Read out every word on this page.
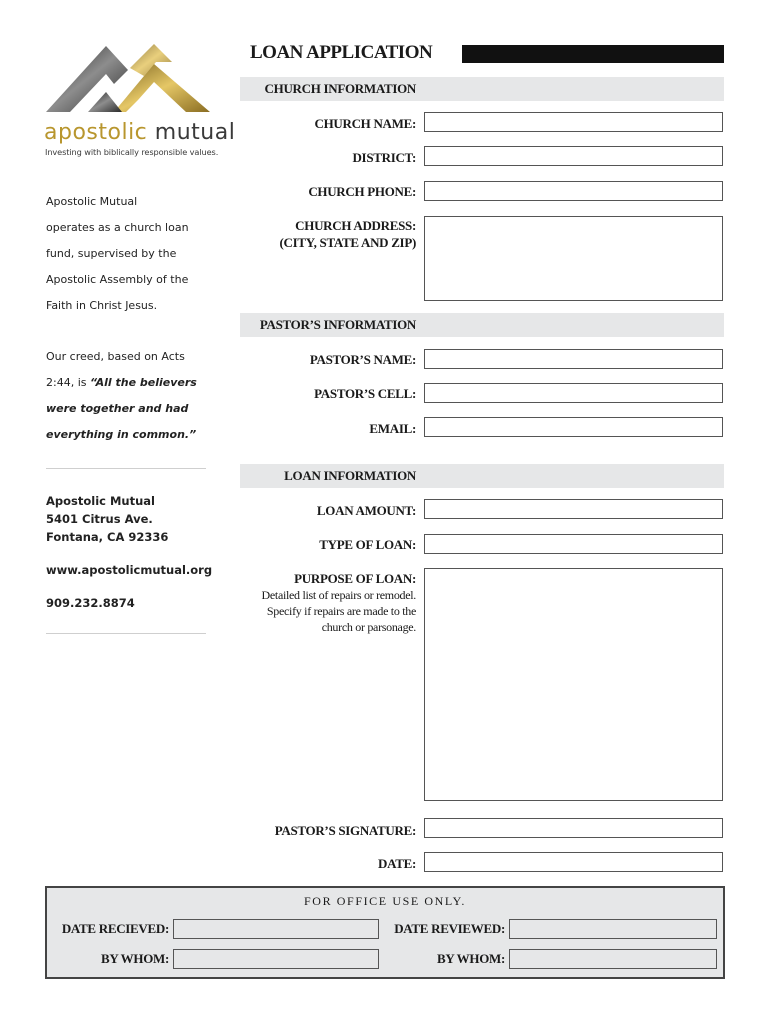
apostolic mutual
Investing with biblically responsible values.
Apostolic Mutual
operates as a church loan
fund, supervised by the
Apostolic Assembly of the
Faith in Christ Jesus.
Our creed, based on Acts
2:44, is “All the believers
were together and had
everything in common.”
Apostolic Mutual
5401 Citrus Ave.
Fontana, CA 92336
www.apostolicmutual.org
909.232.8874
LOAN APPLICATION
CHURCH INFORMATION
CHURCH NAME:
DISTRICT:
CHURCH PHONE:
CHURCH ADDRESS:
(CITY, STATE AND ZIP)
PASTOR’S INFORMATION
PASTOR’S NAME:
PASTOR’S CELL:
EMAIL:
LOAN INFORMATION
LOAN AMOUNT:
TYPE OF LOAN:
PURPOSE OF LOAN:
Detailed list of repairs or remodel.
Specify if repairs are made to the
church or parsonage.
PASTOR’S SIGNATURE:
DATE:
FOR OFFICE USE ONLY.
DATE RECIEVED:
BY WHOM:
DATE REVIEWED:
BY WHOM:
